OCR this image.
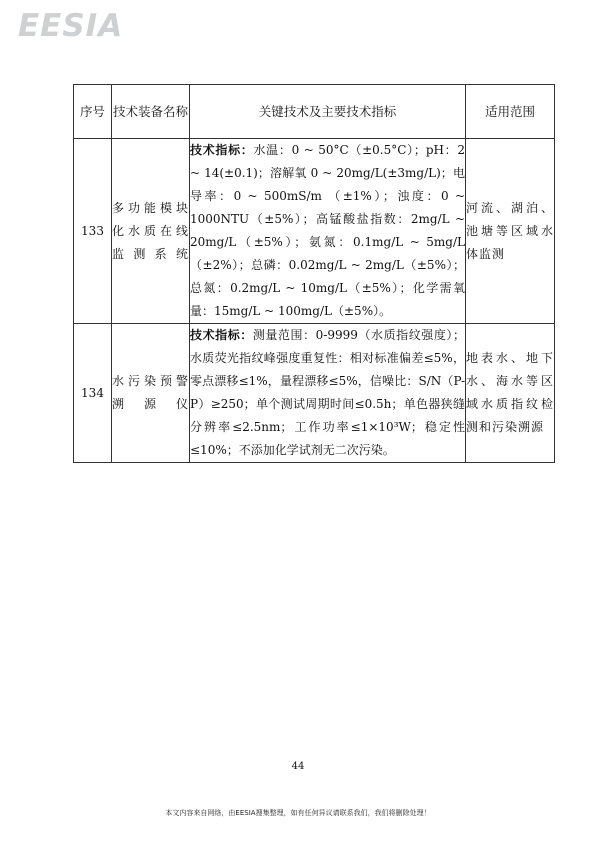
EESIA
序号	技术装备名称	关键技术及主要技术指标	适用范围
133	多功能模块化水质在线监测系统	技术指标：水温：0 ~ 50°C（±0.5°C）；pH：2 ~ 14(±0.1)；溶解氧 0 ~ 20mg/L(±3mg/L)；电导率：0 ~ 500mS/m （±1%）；浊度：0 ~ 1000NTU（±5%）；高锰酸盐指数：2mg/L ~ 20mg/L（±5%）；氨氮：0.1mg/L ~ 5mg/L（±2%）；总磷：0.02mg/L ~ 2mg/L（±5%）；总氮：0.2mg/L ~ 10mg/L（±5%）；化学需氧量：15mg/L ~ 100mg/L（±5%）。	河流、湖泊、池塘等区域水体监测
134	水污染预警溯源仪	技术指标：测量范围：0-9999（水质指纹强度）；水质荧光指纹峰强度重复性：相对标准偏差≤5%，零点漂移≤1%，量程漂移≤5%，信噪比：S/N（P-P）≥250；单个测试周期时间≤0.5h；单色器狭缝分辨率≤2.5nm；工作功率≤1×10³W；稳定性≤10%；不添加化学试剂无二次污染。	地表水、地下水、海水等区域水质指纹检测和污染溯源
44
本文内容来自网络，由EESIA搜集整理，如有任何异议请联系我们，我们将删除处理！
